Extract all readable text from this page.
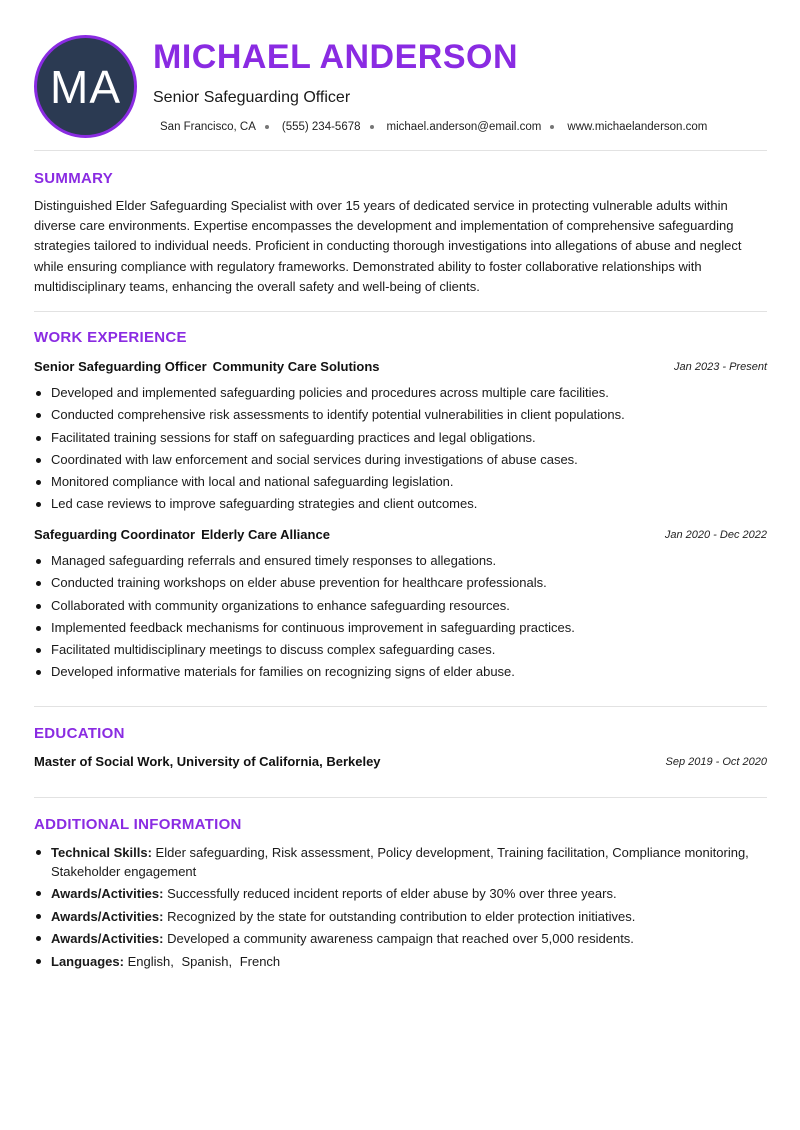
MA
MICHAEL ANDERSON
Senior Safeguarding Officer
San Francisco, CA (555) 234-5678 michael.anderson@email.com www.michaelanderson.com
SUMMARY
Distinguished Elder Safeguarding Specialist with over 15 years of dedicated service in protecting vulnerable adults within diverse care environments. Expertise encompasses the development and implementation of comprehensive safeguarding strategies tailored to individual needs. Proficient in conducting thorough investigations into allegations of abuse and neglect while ensuring compliance with regulatory frameworks. Demonstrated ability to foster collaborative relationships with multidisciplinary teams, enhancing the overall safety and well-being of clients.
WORK EXPERIENCE
Senior Safeguarding Officer Community Care Solutions	Jan 2023 - Present
Developed and implemented safeguarding policies and procedures across multiple care facilities.
Conducted comprehensive risk assessments to identify potential vulnerabilities in client populations.
Facilitated training sessions for staff on safeguarding practices and legal obligations.
Coordinated with law enforcement and social services during investigations of abuse cases.
Monitored compliance with local and national safeguarding legislation.
Led case reviews to improve safeguarding strategies and client outcomes.
Safeguarding Coordinator Elderly Care Alliance	Jan 2020 - Dec 2022
Managed safeguarding referrals and ensured timely responses to allegations.
Conducted training workshops on elder abuse prevention for healthcare professionals.
Collaborated with community organizations to enhance safeguarding resources.
Implemented feedback mechanisms for continuous improvement in safeguarding practices.
Facilitated multidisciplinary meetings to discuss complex safeguarding cases.
Developed informative materials for families on recognizing signs of elder abuse.
EDUCATION
Master of Social Work, University of California, Berkeley	Sep 2019 - Oct 2020
ADDITIONAL INFORMATION
Technical Skills: Elder safeguarding, Risk assessment, Policy development, Training facilitation, Compliance monitoring, Stakeholder engagement
Awards/Activities: Successfully reduced incident reports of elder abuse by 30% over three years.
Awards/Activities: Recognized by the state for outstanding contribution to elder protection initiatives.
Awards/Activities: Developed a community awareness campaign that reached over 5,000 residents.
Languages: English, Spanish, French
